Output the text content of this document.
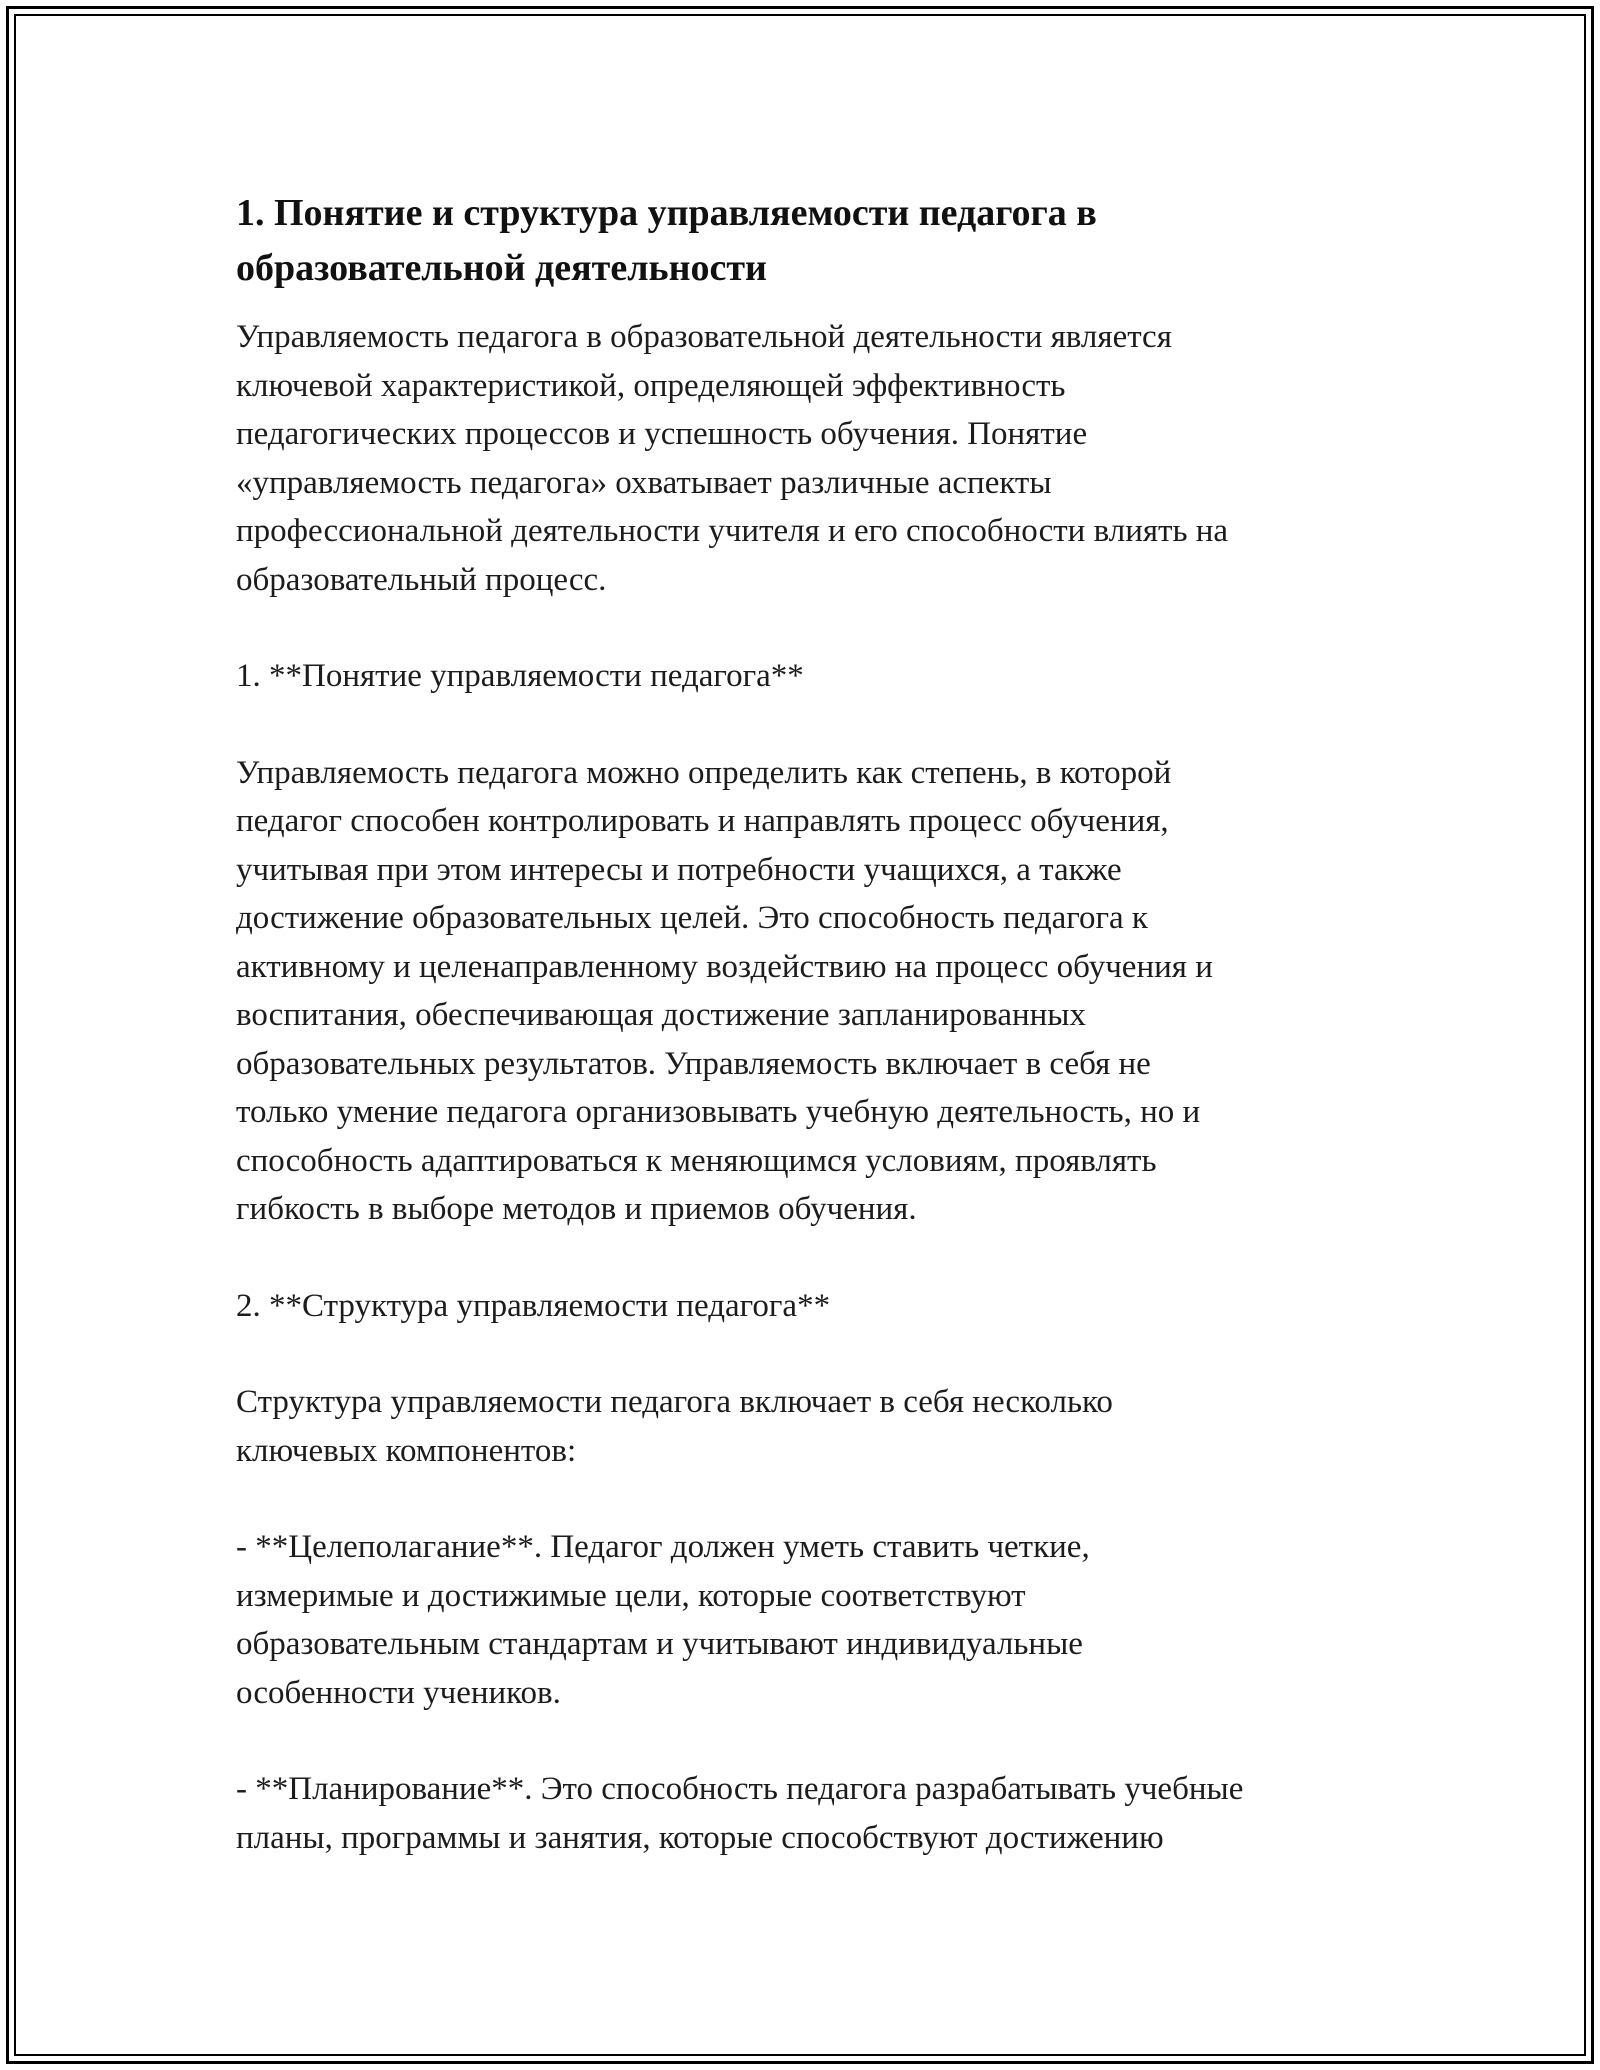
1. Понятие и структура управляемости педагога в
образовательной деятельности

Управляемость педагога в образовательной деятельности является
ключевой характеристикой, определяющей эффективность
педагогических процессов и успешность обучения. Понятие
«управляемость педагога» охватывает различные аспекты
профессиональной деятельности учителя и его способности влиять на
образовательный процесс.

1. **Понятие управляемости педагога**

Управляемость педагога можно определить как степень, в которой
педагог способен контролировать и направлять процесс обучения,
учитывая при этом интересы и потребности учащихся, а также
достижение образовательных целей. Это способность педагога к
активному и целенаправленному воздействию на процесс обучения и
воспитания, обеспечивающая достижение запланированных
образовательных результатов. Управляемость включает в себя не
только умение педагога организовывать учебную деятельность, но и
способность адаптироваться к меняющимся условиям, проявлять
гибкость в выборе методов и приемов обучения.

2. **Структура управляемости педагога**

Структура управляемости педагога включает в себя несколько
ключевых компонентов:

- **Целеполагание**. Педагог должен уметь ставить четкие,
измеримые и достижимые цели, которые соответствуют
образовательным стандартам и учитывают индивидуальные
особенности учеников.

- **Планирование**. Это способность педагога разрабатывать учебные
планы, программы и занятия, которые способствуют достижению
